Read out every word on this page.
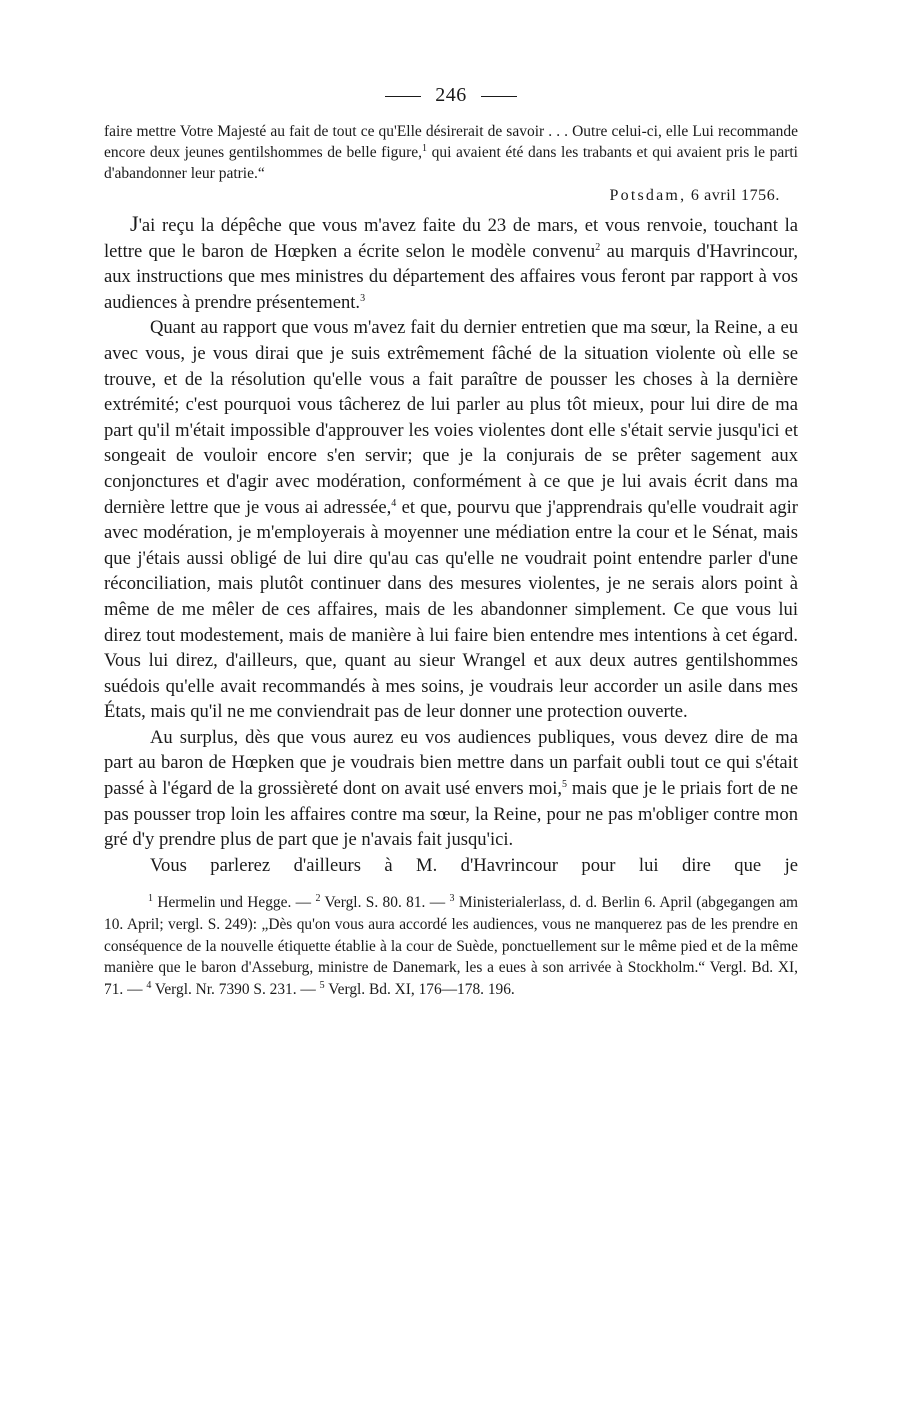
246

faire mettre Votre Majesté au fait de tout ce qu'Elle désirerait de savoir . . . Outre celui-ci, elle Lui recommande encore deux jeunes gentilshommes de belle figure,$^1$ qui avaient été dans les trabants et qui avaient pris le parti d'abandonner leur patrie.“

Potsdam, 6 avril 1756.

J'ai reçu la dépêche que vous m'avez faite du 23 de mars, et vous renvoie, touchant la lettre que le baron de Hœpken a écrite selon le modèle convenu$^2$ au marquis d'Havrincour, aux instructions que mes ministres du département des affaires vous feront par rapport à vos audiences à prendre présentement.$^3$

Quant au rapport que vous m'avez fait du dernier entretien que ma sœur, la Reine, a eu avec vous, je vous dirai que je suis extrêmement fâché de la situation violente où elle se trouve, et de la résolution qu'elle vous a fait paraître de pousser les choses à la dernière extrémité; c'est pourquoi vous tâcherez de lui parler au plus tôt mieux, pour lui dire de ma part qu'il m'était impossible d'approuver les voies violentes dont elle s'était servie jusqu'ici et songeait de vouloir encore s'en servir; que je la conjurais de se prêter sagement aux conjonctures et d'agir avec modération, conformément à ce que je lui avais écrit dans ma dernière lettre que je vous ai adressée,$^4$ et que, pourvu que j'apprendrais qu'elle voudrait agir avec modération, je m'employerais à moyenner une médiation entre la cour et le Sénat, mais que j'étais aussi obligé de lui dire qu'au cas qu'elle ne voudrait point entendre parler d'une réconciliation, mais plutôt continuer dans des mesures violentes, je ne serais alors point à même de me mêler de ces affaires, mais de les abandonner simplement. Ce que vous lui direz tout modestement, mais de manière à lui faire bien entendre mes intentions à cet égard. Vous lui direz, d'ailleurs, que, quant au sieur Wrangel et aux deux autres gentilshommes suédois qu'elle avait recommandés à mes soins, je voudrais leur accorder un asile dans mes États, mais qu'il ne me conviendrait pas de leur donner une protection ouverte.

Au surplus, dès que vous aurez eu vos audiences publiques, vous devez dire de ma part au baron de Hœpken que je voudrais bien mettre dans un parfait oubli tout ce qui s'était passé à l'égard de la grossièreté dont on avait usé envers moi,$^5$ mais que je le priais fort de ne pas pousser trop loin les affaires contre ma sœur, la Reine, pour ne pas m'obliger contre mon gré d'y prendre plus de part que je n'avais fait jusqu'ici.

Vous parlerez d'ailleurs à M. d'Havrincour pour lui dire que je

$^1$ Hermelin und Hegge. — $^2$ Vergl. S. 80. 81. — $^3$ Ministerialerlass, d. d. Berlin 6. April (abgegangen am 10. April; vergl. S. 249): „Dès qu'on vous aura accordé les audiences, vous ne manquerez pas de les prendre en conséquence de la nouvelle étiquette établie à la cour de Suède, ponctuellement sur le même pied et de la même manière que le baron d'Asseburg, ministre de Danemark, les a eues à son arrivée à Stockholm.“ Vergl. Bd. XI, 71. — $^4$ Vergl. Nr. 7390 S. 231. — $^5$ Vergl. Bd. XI, 176—178. 196.
